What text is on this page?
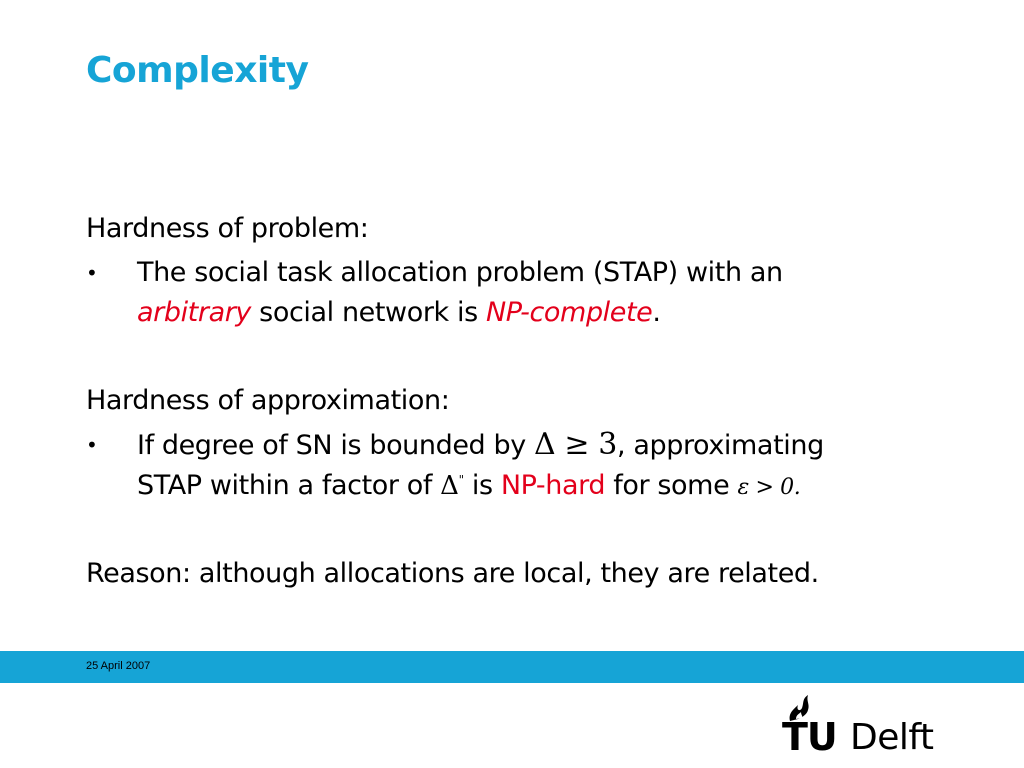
Complexity
Hardness of problem:
• The social task allocation problem (STAP) with an
arbitrary social network is NP-complete.
Hardness of approximation:
• If degree of SN is bounded by Δ ≥ 3, approximating
STAP within a factor of Δ" is NP-hard for some ε > 0.
Reason: although allocations are local, they are related.
25 April 2007
TU Delft
